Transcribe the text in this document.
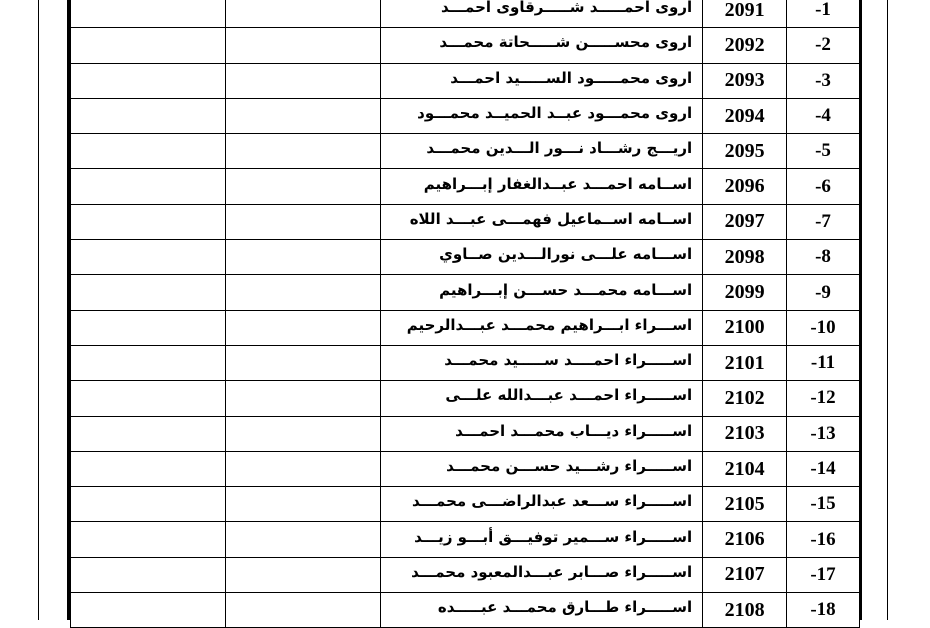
		اروى احمـــــد شـــــرقاوى احمـــد	2091	-1
		اروى محســـــن شـــــحاتة محمـــد	2092	-2
		اروى محمـــــود الســـــيد احمـــد	2093	-3
		اروى محمـــود عبــد الحميــد محمـــود	2094	-4
		اريـــج رشـــاد نـــور الـــدين محمـــد	2095	-5
		اســامه احمـــد عبــدالغفار إبـــراهيم	2096	-6
		اســامه اســماعيل فهمـــى عبـــد اللاه	2097	-7
		اســـامه علـــى نورالـــدين صــاوي	2098	-8
		اســـامه محمـــد حســـن إبـــراهيم	2099	-9
		اســـراء ابـــراهيم محمـــد عبـــدالرحيم	2100	-10
		اســـــراء احمــــد ســـــيد محمـــد	2101	-11
		اســـــراء احمـــد عبـــدالله علـــى	2102	-12
		اســـــراء ديـــاب محمـــد احمـــد	2103	-13
		اســـــراء رشـــيد حســـن محمـــد	2104	-14
		اســـــراء ســـعد عبدالراضـــى محمـــد	2105	-15
		اســـــراء ســـمير توفيـــق أبـــو زيـــد	2106	-16
		اســـــراء صـــابر عبـــدالمعبود محمـــد	2107	-17
		اســـــراء طـــارق محمـــد عبـــــده	2108	-18
